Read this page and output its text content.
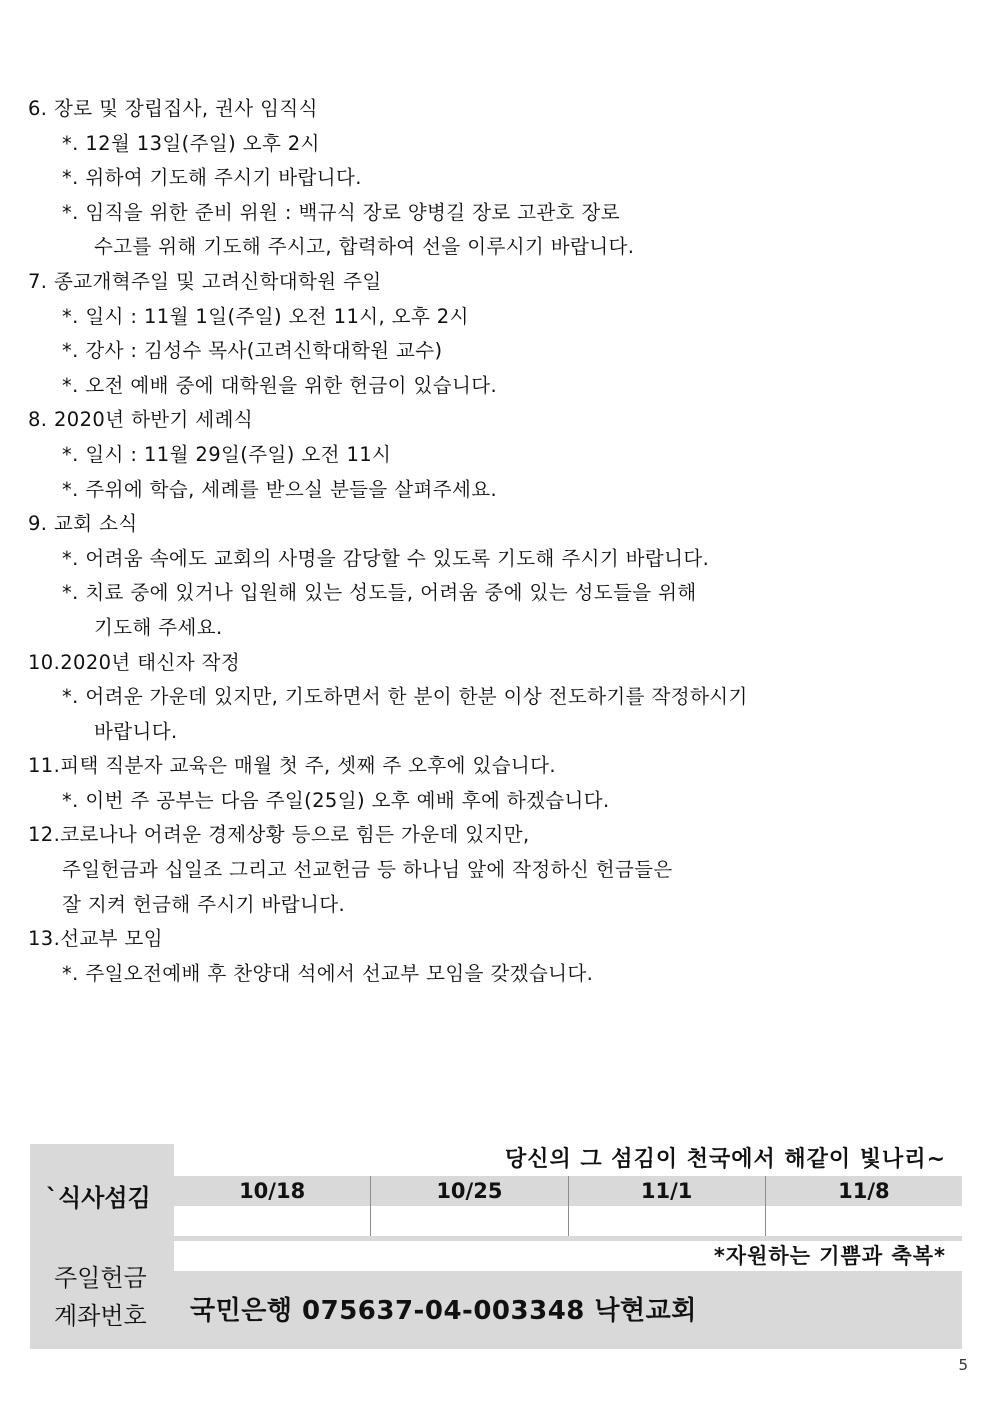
6. 장로 및 장립집사, 권사 임직식
*. 12월 13일(주일) 오후 2시
*. 위하여 기도해 주시기 바랍니다.
*. 임직을 위한 준비 위원 : 백규식 장로 양병길 장로 고관호 장로
수고를 위해 기도해 주시고, 합력하여 선을 이루시기 바랍니다.
7. 종교개혁주일 및 고려신학대학원 주일
*. 일시 : 11월 1일(주일) 오전 11시, 오후 2시
*. 강사 : 김성수 목사(고려신학대학원 교수)
*. 오전 예배 중에 대학원을 위한 헌금이 있습니다.
8. 2020년 하반기 세례식
*. 일시 : 11월 29일(주일) 오전 11시
*. 주위에 학습, 세례를 받으실 분들을 살펴주세요.
9. 교회 소식
*. 어려움 속에도 교회의 사명을 감당할 수 있도록 기도해 주시기 바랍니다.
*. 치료 중에 있거나 입원해 있는 성도들, 어려움 중에 있는 성도들을 위해
기도해 주세요.
10.2020년 태신자 작정
*. 어려운 가운데 있지만, 기도하면서 한 분이 한분 이상 전도하기를 작정하시기
바랍니다.
11.피택 직분자 교육은 매월 첫 주, 셋째 주 오후에 있습니다.
*. 이번 주 공부는 다음 주일(25일) 오후 예배 후에 하겠습니다.
12.코로나나 어려운 경제상황 등으로 힘든 가운데 있지만,
주일헌금과 십일조 그리고 선교헌금 등 하나님 앞에 작정하신 헌금들은
잘 지켜 헌금해 주시기 바랍니다.
13.선교부 모임
*. 주일오전예배 후 찬양대 석에서 선교부 모임을 갖겠습니다.
당신의 그 섬김이 천국에서 해같이 빛나리~
`식사섬김	10/18	10/25	11/1	11/8
*자원하는 기쁨과 축복*
주일헌금
계좌번호 국민은행 075637-04-003348 낙현교회
5
